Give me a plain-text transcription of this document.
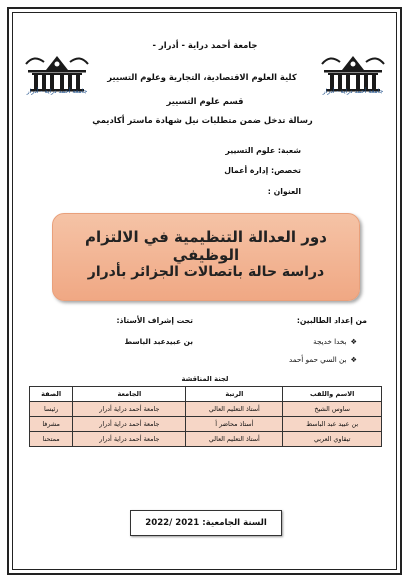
جامعة أحمد دراية - أدرار	جامعة أحمد دراية - أدرار
جامعة أحمد دراية - أدرار -
كلية العلوم الاقتصادية، التجارية وعلوم التسيير
قسم علوم التسيير
رسالة تدخل ضمن متطلبات نيل شهادة ماستر أكاديمي
شعبة: علوم التسيير
تخصص: إدارة أعمال
العنوان :
دور العدالة التنظيمية في الالتزام الوظيفي
دراسة حالة باتصالات الجزائر بأدرار
من إعداد الطالبين:
تحت إشراف الأستاذ:
❖بخدا خديجة
❖بن السي حمو أحمد
بن عبيدعبد الباسط
لجنة المناقشة
الاسم واللقب	الرتبة	الجامعة	الصفة
ساوس الشيخ	أستاذ التعليم العالي	جامعة أحمد دراية أدرار	رئيسا
بن عبيد عبد الباسط	أستاذ محاضر أ	جامعة أحمد دراية أدرار	مشرفا
تيقاوي العربي	أستاذ التعليم العالي	جامعة أحمد دراية أدرار	ممتحنا
السنة الجامعية: 2021 /2022
